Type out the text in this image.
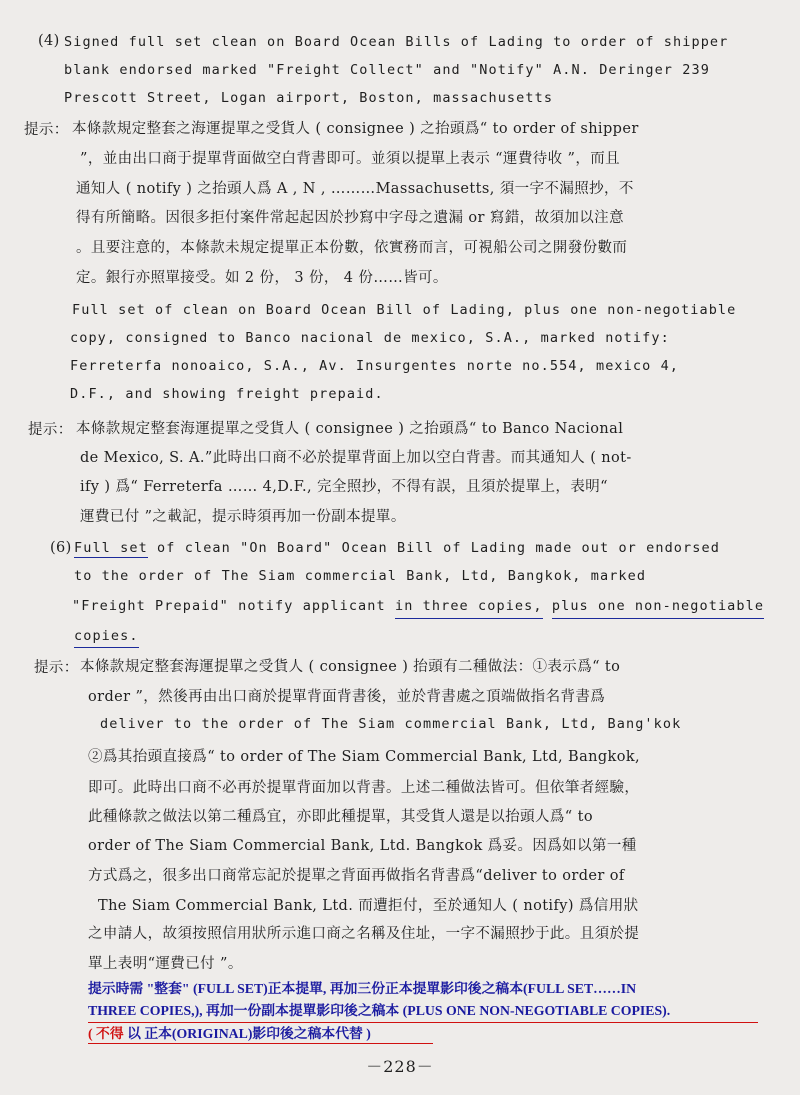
(4) Signed full set clean on Board Ocean Bills of Lading to order of shipper
blank endorsed marked "Freight Collect" and "Notify" A.N. Deringer 239
Prescott Street, Logan airport, Boston, massachusetts
提示： 本條款規定整套之海運提單之受貨人 ( consignee ) 之抬頭爲“ to order of shipper
”，並由出口商于提單背面做空白背書即可。並須以提單上表示 “運費待收 ”，而且
通知人 ( notify ) 之抬頭人爲 A , N , ………Massachusetts, 須一字不漏照抄，不
得有所簡略。因很多拒付案件常起起因於抄寫中字母之遺漏 or 寫錯，故須加以注意
。且要注意的，本條款未規定提單正本份數，依實務而言，可視船公司之開發份數而
定。銀行亦照單接受。如 2 份， 3 份， 4 份……皆可。
Full set of clean on Board Ocean Bill of Lading, plus one non-negotiable
copy, consigned to Banco nacional de mexico, S.A., marked notify:
Ferreterfa nonoaico, S.A., Av. Insurgentes norte no.554, mexico 4,
D.F., and showing freight prepaid.
提示： 本條款規定整套海運提單之受貨人 ( consignee ) 之抬頭爲“ to Banco Nacional
de Mexico, S. A.”此時出口商不必於提單背面上加以空白背書。而其通知人 ( not-
ify ) 爲“ Ferreterfa …… 4,D.F., 完全照抄，不得有誤，且須於提單上，表明“
運費已付 ”之載記，提示時須再加一份副本提單。
(6) Full set of clean "On Board" Ocean Bill of Lading made out or endorsed
to the order of The Siam commercial Bank, Ltd, Bangkok, marked
"Freight Prepaid" notify applicant in three copies, plus one non-negotiable
copies.
提示： 本條款規定整套海運提單之受貨人 ( consignee ) 抬頭有二種做法：①表示爲“ to
order ”，然後再由出口商於提單背面背書後，並於背書處之頂端做指名背書爲
deliver to the order of The Siam commercial Bank, Ltd, Bang'kok
②爲其抬頭直接爲“ to order of The Siam Commercial Bank, Ltd, Bangkok,
即可。此時出口商不必再於提單背面加以背書。上述二種做法皆可。但依筆者經驗，
此種條款之做法以第二種爲宜，亦即此種提單，其受貨人還是以抬頭人爲“ to
order of The Siam Commercial Bank, Ltd. Bangkok 爲妥。因爲如以第一種
方式爲之，很多出口商常忘記於提單之背面再做指名背書爲“deliver to order of
The Siam Commercial Bank, Ltd. 而遭拒付，至於通知人 ( notify) 爲信用狀
之申請人，故須按照信用狀所示進口商之名稱及住址，一字不漏照抄于此。且須於提
單上表明“運費已付 ”。
提示時需 "整套" (FULL SET)正本提單, 再加三份正本提單影印後之稿本(FULL SET……IN
THREE COPIES,), 再加一份副本提單影印後之稿本 (PLUS ONE NON-NEGOTIABLE COPIES).
( 不得 以 正本(ORIGINAL)影印後之稿本代替 )
－228－
